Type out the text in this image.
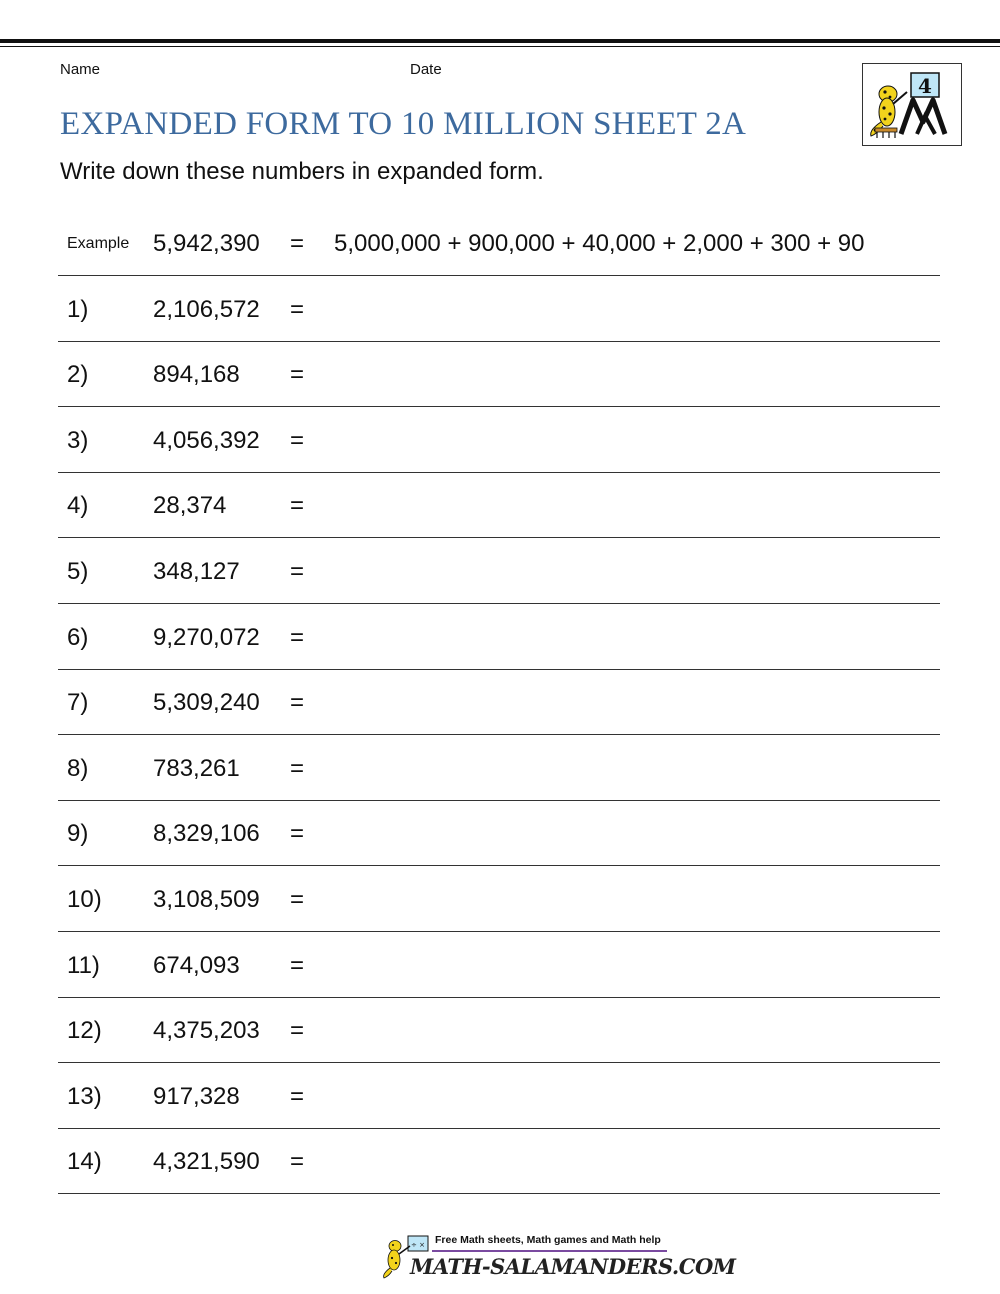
Name	Date
EXPANDED FORM TO 10 MILLION SHEET 2A
Write down these numbers in expanded form.
4
Example 5,942,390 = 5,000,000 + 900,000 + 40,000 + 2,000 + 300 + 90
1)	2,106,572 =
2)	894,168 =
3)	4,056,392 =
4)	28,374	=
5)	348,127 =
6)	9,270,072 =
7)	5,309,240 =
8)	783,261 =
9)	8,329,106 =
10) 3,108,509 =
11) 674,093 =
12) 4,375,203 =
13) 917,328 =
14) 4,321,590 =
÷ × Free Math sheets, Math games and Math help
MATH-SALAMANDERS.COM
